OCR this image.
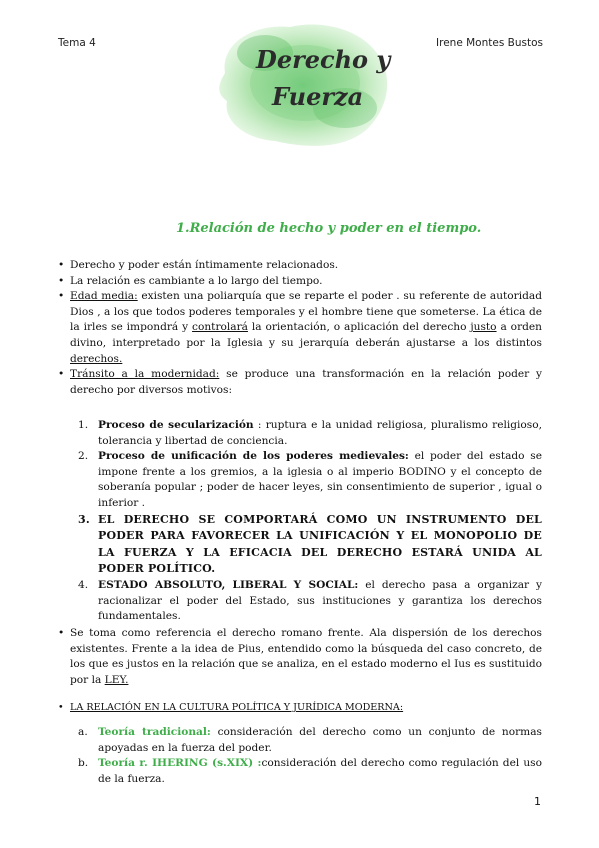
Tema 4	Irene Montes Bustos
Derecho y
Fuerza
1.Relación de hecho y poder en el tiempo.
• Derecho y poder están íntimamente relacionados.
• La relación es cambiante a lo largo del tiempo.
• Edad media: existen una poliarquía que se reparte el poder . su referente de autoridad Dios , a los que todos poderes temporales y el hombre tiene que someterse. La ética de la irles se impondrá y controlará la orientación, o aplicación del derecho justo a orden divino, interpretado por la Iglesia y su jerarquía deberán ajustarse a los distintos derechos.
• Tránsito a la modernidad: se produce una transformación en la relación poder y derecho por diversos motivos:
1. Proceso de secularización : ruptura e la unidad religiosa, pluralismo religioso, tolerancia y libertad de conciencia.
2. Proceso de unificación de los poderes medievales: el poder del estado se impone frente a los gremios, a la iglesia o al imperio BODINO y el concepto de soberanía popular ; poder de hacer leyes, sin consentimiento de superior , igual o inferior .
3. EL DERECHO SE COMPORTARÁ COMO UN INSTRUMENTO DEL PODER PARA FAVORECER LA UNIFICACIÓN Y EL MONOPOLIO DE LA FUERZA Y LA EFICACIA DEL DERECHO ESTARÁ UNIDA AL PODER POLÍTICO.
4. ESTADO ABSOLUTO, LIBERAL Y SOCIAL: el derecho pasa a organizar y racionalizar el poder del Estado, sus instituciones y garantiza los derechos fundamentales.
• Se toma como referencia el derecho romano frente. Ala dispersión de los derechos existentes. Frente a la idea de Pius, entendido como la búsqueda del caso concreto, de los que es justos en la relación que se analiza, en el estado moderno el Ius es sustituido por la LEY.
• LA RELACIÓN EN LA CULTURA POLÍTICA Y JURÍDICA MODERNA:
a. Teoría tradicional: consideración del derecho como un conjunto de normas apoyadas en la fuerza del poder.
b. Teoría r. IHERING (s.XIX) :consideración del derecho como regulación del uso de la fuerza.
1
